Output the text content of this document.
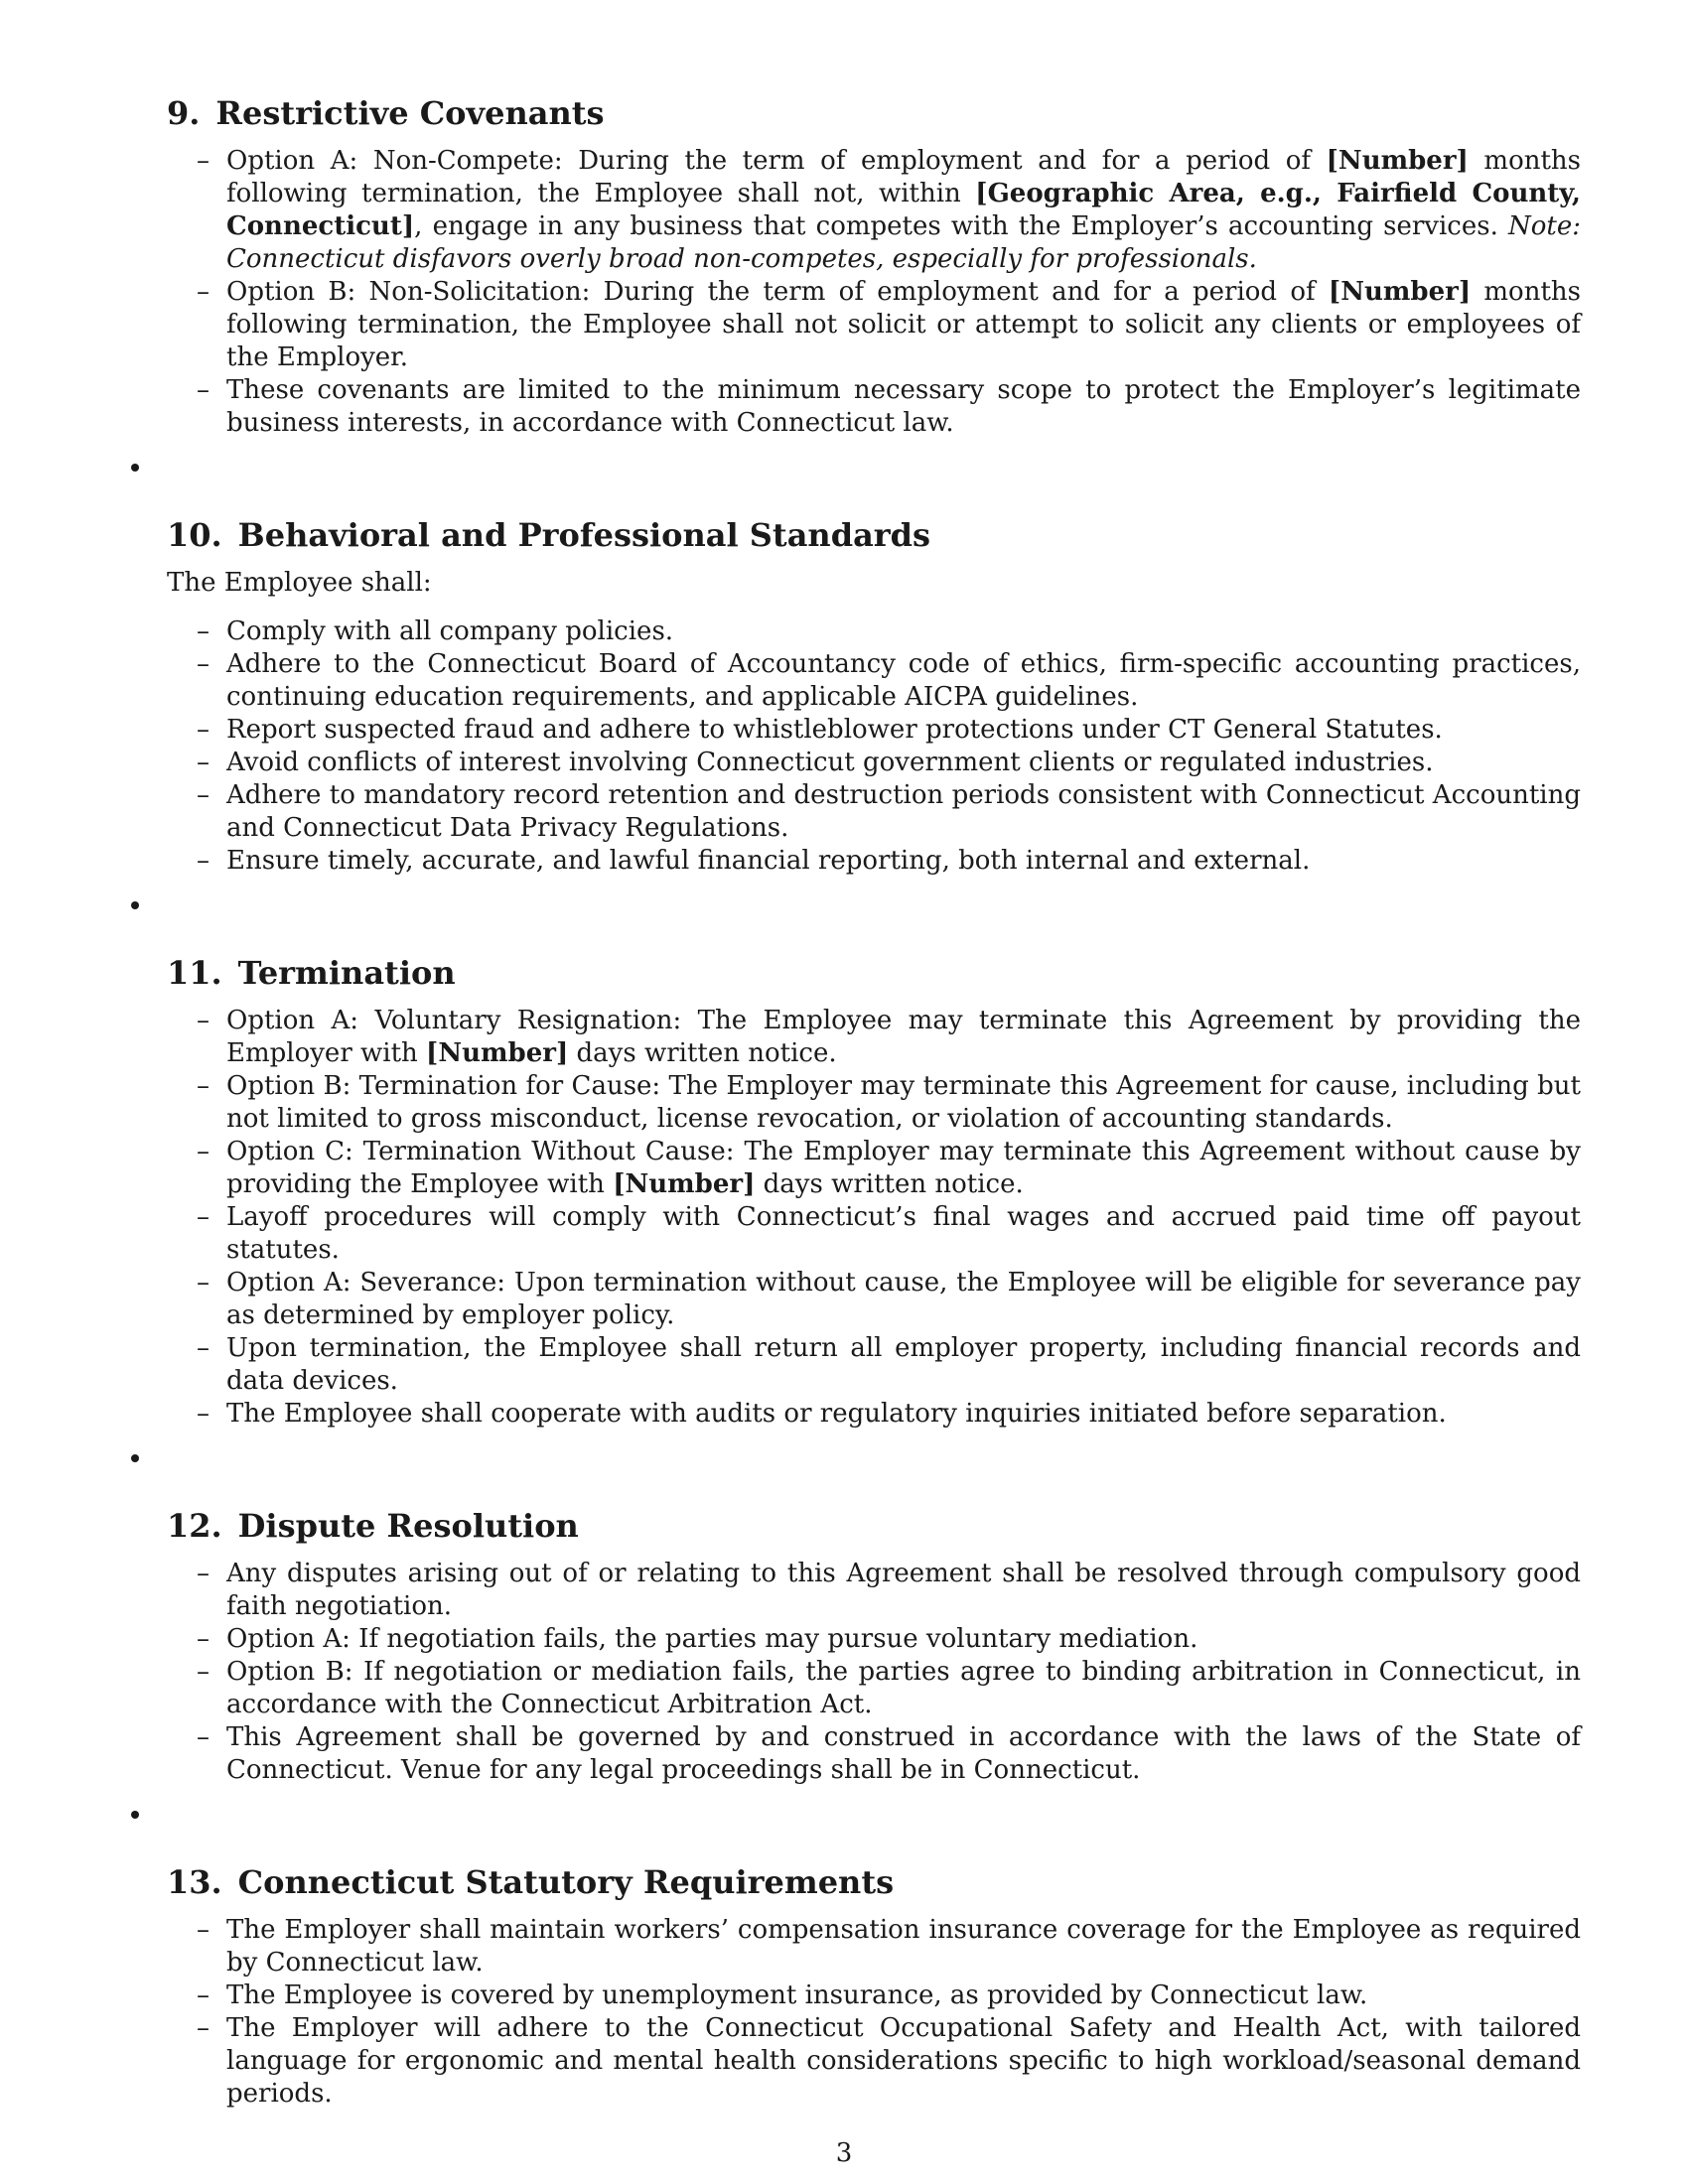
9. Restrictive Covenants
– Option A: Non-Compete: During the term of employment and for a period of [Number] months following termination, the Employee shall not, within [Geographic Area, e.g., Fairfield County, Connecticut], engage in any business that competes with the Employer’s accounting services. Note: Connecticut disfavors overly broad non-competes, especially for professionals.
– Option B: Non-Solicitation: During the term of employment and for a period of [Number] months following termination, the Employee shall not solicit or attempt to solicit any clients or employees of the Employer.
– These covenants are limited to the minimum necessary scope to protect the Employer’s legitimate business interests, in accordance with Connecticut law.
10. Behavioral and Professional Standards

The Employee shall:

– Comply with all company policies.
– Adhere to the Connecticut Board of Accountancy code of ethics, firm-specific accounting practices, continuing education requirements, and applicable AICPA guidelines.
– Report suspected fraud and adhere to whistleblower protections under CT General Statutes.
– Avoid conflicts of interest involving Connecticut government clients or regulated industries.
– Adhere to mandatory record retention and destruction periods consistent with Connecticut Accounting and Connecticut Data Privacy Regulations.
– Ensure timely, accurate, and lawful financial reporting, both internal and external.
11. Termination
– Option A: Voluntary Resignation: The Employee may terminate this Agreement by providing the Employer with [Number] days written notice.
– Option B: Termination for Cause: The Employer may terminate this Agreement for cause, including but not limited to gross misconduct, license revocation, or violation of accounting standards.
– Option C: Termination Without Cause: The Employer may terminate this Agreement without cause by providing the Employee with [Number] days written notice.
– Layoff procedures will comply with Connecticut’s final wages and accrued paid time off payout statutes.
– Option A: Severance: Upon termination without cause, the Employee will be eligible for severance pay as determined by employer policy.
– Upon termination, the Employee shall return all employer property, including financial records and data devices.
– The Employee shall cooperate with audits or regulatory inquiries initiated before separation.
12. Dispute Resolution
– Any disputes arising out of or relating to this Agreement shall be resolved through compulsory good faith negotiation.
– Option A: If negotiation fails, the parties may pursue voluntary mediation.
– Option B: If negotiation or mediation fails, the parties agree to binding arbitration in Connecticut, in accordance with the Connecticut Arbitration Act.
– This Agreement shall be governed by and construed in accordance with the laws of the State of Connecticut. Venue for any legal proceedings shall be in Connecticut.
13. Connecticut Statutory Requirements
– The Employer shall maintain workers’ compensation insurance coverage for the Employee as required by Connecticut law.
– The Employee is covered by unemployment insurance, as provided by Connecticut law.
– The Employer will adhere to the Connecticut Occupational Safety and Health Act, with tailored language for ergonomic and mental health considerations specific to high workload/seasonal demand periods.
3
